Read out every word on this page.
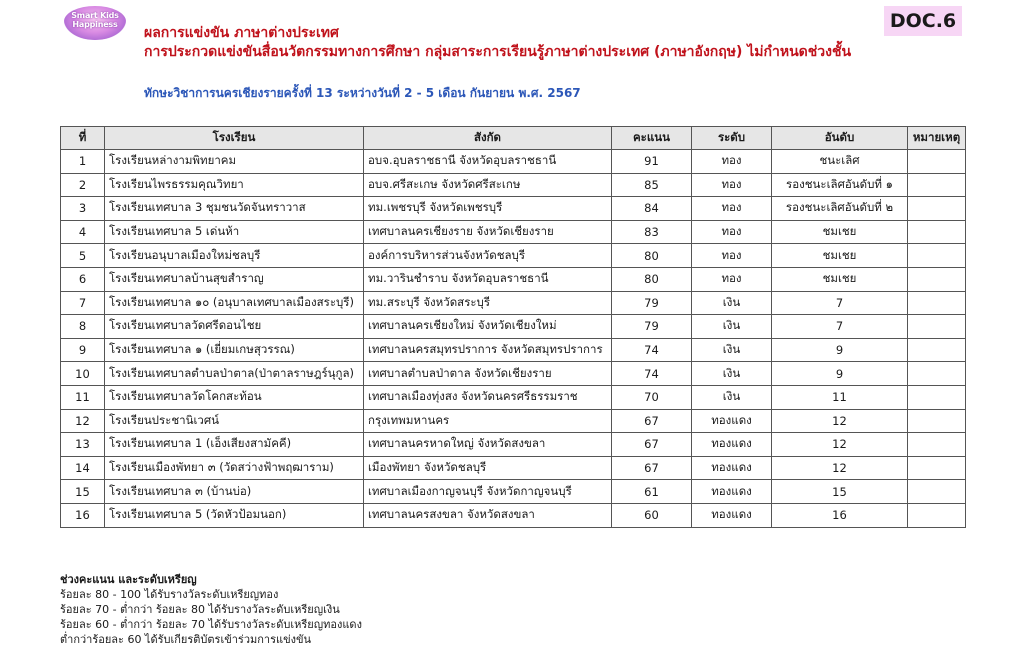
Smart Kids Happiness	DOC.6
ผลการแข่งขัน ภาษาต่างประเทศ
การประกวดแข่งขันสื่อนวัตกรรมทางการศึกษา กลุ่มสาระการเรียนรู้ภาษาต่างประเทศ (ภาษาอังกฤษ) ไม่กำหนดช่วงชั้น
ทักษะวิชาการนครเชียงรายครั้งที่ 13 ระหว่างวันที่ 2 - 5 เดือน กันยายน พ.ศ. 2567
ที่	โรงเรียน	สังกัด	คะแนน	ระดับ	อันดับ	หมายเหตุ
1	โรงเรียนหล่างามพิทยาคม	อบจ.อุบลราชธานี จังหวัดอุบลราชธานี	91	ทอง	ชนะเลิศ	
2	โรงเรียนไพรธรรมคุณวิทยา	อบจ.ศรีสะเกษ จังหวัดศรีสะเกษ	85	ทอง	รองชนะเลิศอันดับที่ ๑	
3	โรงเรียนเทศบาล 3 ชุมชนวัดจันทราวาส	ทม.เพชรบุรี จังหวัดเพชรบุรี	84	ทอง	รองชนะเลิศอันดับที่ ๒	
4	โรงเรียนเทศบาล 5 เด่นห้า	เทศบาลนครเชียงราย จังหวัดเชียงราย	83	ทอง	ชมเชย	
5	โรงเรียนอนุบาลเมืองใหม่ชลบุรี	องค์การบริหารส่วนจังหวัดชลบุรี	80	ทอง	ชมเชย	
6	โรงเรียนเทศบาลบ้านสุขสำราญ	ทม.วารินชำราบ จังหวัดอุบลราชธานี	80	ทอง	ชมเชย	
7	โรงเรียนเทศบาล ๑๐ (อนุบาลเทศบาลเมืองสระบุรี)	ทม.สระบุรี จังหวัดสระบุรี	79	เงิน	7	
8	โรงเรียนเทศบาลวัดศรีดอนไชย	เทศบาลนครเชียงใหม่ จังหวัดเชียงใหม่	79	เงิน	7	
9	โรงเรียนเทศบาล ๑ (เยี่ยมเกษสุวรรณ)	เทศบาลนครสมุทรปราการ จังหวัดสมุทรปราการ	74	เงิน	9	
10	โรงเรียนเทศบาลตำบลป่าตาล(ป่าตาลราษฎร์นุกูล)	เทศบาลตำบลป่าตาล จังหวัดเชียงราย	74	เงิน	9	
11	โรงเรียนเทศบาลวัดโคกสะท้อน	เทศบาลเมืองทุ่งสง จังหวัดนครศรีธรรมราช	70	เงิน	11	
12	โรงเรียนประชานิเวศน์	กรุงเทพมหานคร	67	ทองแดง	12	
13	โรงเรียนเทศบาล 1 (เอ็งเสียงสามัคคี)	เทศบาลนครหาดใหญ่ จังหวัดสงขลา	67	ทองแดง	12	
14	โรงเรียนเมืองพัทยา ๓ (วัดสว่างฟ้าพฤฒาราม)	เมืองพัทยา จังหวัดชลบุรี	67	ทองแดง	12	
15	โรงเรียนเทศบาล ๓ (บ้านบ่อ)	เทศบาลเมืองกาญจนบุรี จังหวัดกาญจนบุรี	61	ทองแดง	15	
16	โรงเรียนเทศบาล 5 (วัดหัวป้อมนอก)	เทศบาลนครสงขลา จังหวัดสงขลา	60	ทองแดง	16	
ช่วงคะแนน และระดับเหรียญ
ร้อยละ 80 - 100 ได้รับรางวัลระดับเหรียญทอง
ร้อยละ 70 - ต่ำกว่า ร้อยละ 80 ได้รับรางวัลระดับเหรียญเงิน
ร้อยละ 60 - ต่ำกว่า ร้อยละ 70 ได้รับรางวัลระดับเหรียญทองแดง
ต่ำกว่าร้อยละ 60 ได้รับเกียรติบัตรเข้าร่วมการแข่งขัน
